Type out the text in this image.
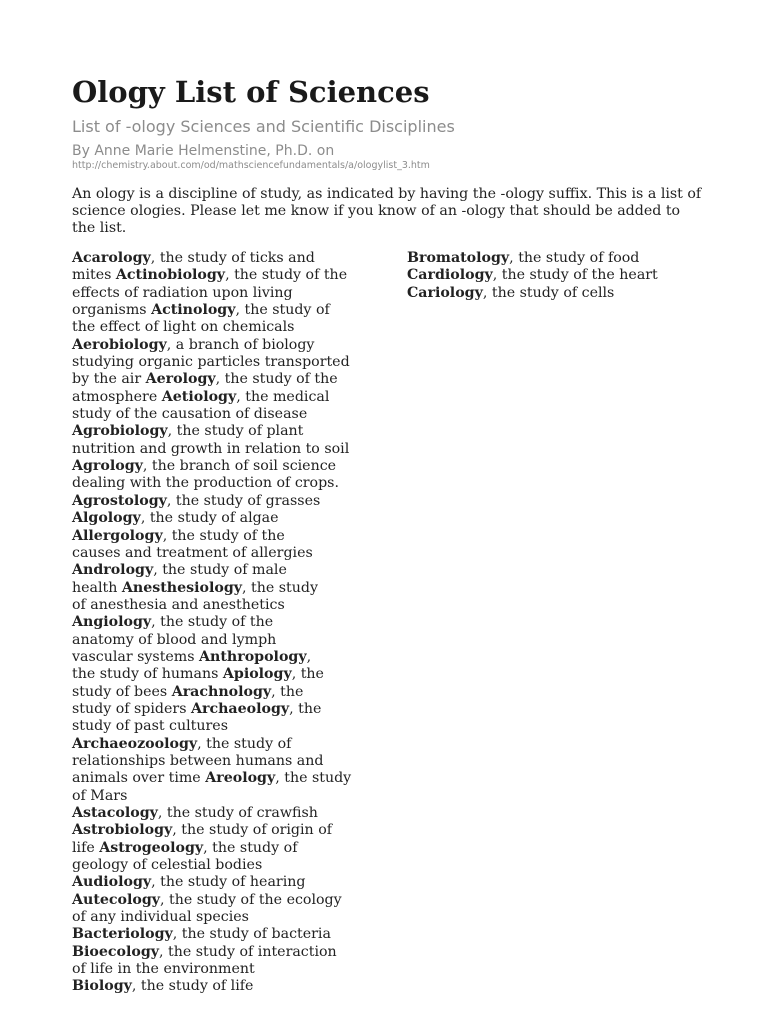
Ology List of Sciences
List of -ology Sciences and Scientific Disciplines
By Anne Marie Helmenstine, Ph.D. on
http://chemistry.about.com/od/mathsciencefundamentals/a/ologylist_3.htm

An ology is a discipline of study, as indicated by having the -ology suffix. This is a list of science ologies. Please let me know if you know of an -ology that should be added to the list.

Acarology, the study of ticks and
mites Actinobiology, the study of the
effects of radiation upon living
organisms Actinology, the study of
the effect of light on chemicals
Aerobiology, a branch of biology
studying organic particles transported
by the air Aerology, the study of the
atmosphere Aetiology, the medical
study of the causation of disease
Agrobiology, the study of plant
nutrition and growth in relation to soil
Agrology, the branch of soil science
dealing with the production of crops.
Agrostology, the study of grasses
Algology, the study of algae
Allergology, the study of the
causes and treatment of allergies
Andrology, the study of male
health Anesthesiology, the study
of anesthesia and anesthetics
Angiology, the study of the
anatomy of blood and lymph
vascular systems Anthropology,
the study of humans Apiology, the
study of bees Arachnology, the
study of spiders Archaeology, the
study of past cultures
Archaeozoology, the study of
relationships between humans and
animals over time Areology, the study
of Mars
Astacology, the study of crawfish
Astrobiology, the study of origin of
life Astrogeology, the study of
geology of celestial bodies
Audiology, the study of hearing
Autecology, the study of the ecology
of any individual species
Bacteriology, the study of bacteria
Bioecology, the study of interaction
of life in the environment
Biology, the study of life
Bromatology, the study of food
Cardiology, the study of the heart
Cariology, the study of cells
